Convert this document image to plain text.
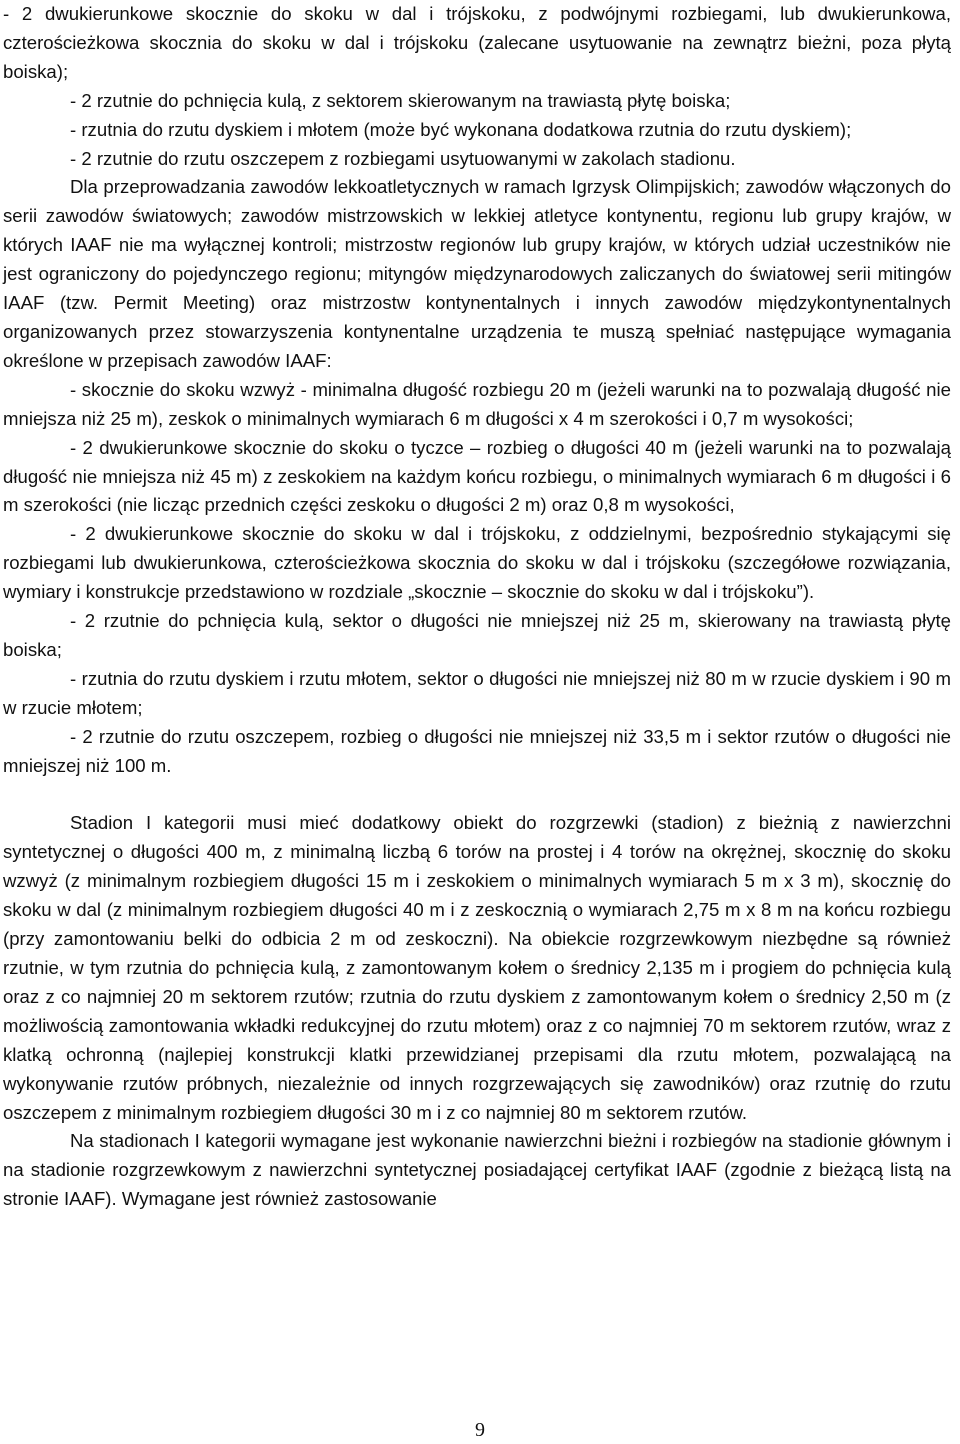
- 2 dwukierunkowe skocznie do skoku w dal i trójskoku, z podwójnymi rozbiegami, lub dwukierunkowa, czterościeżkowa skocznia do skoku w dal i trójskoku (zalecane usytuowanie na zewnątrz bieżni, poza płytą boiska);

- 2 rzutnie do pchnięcia kulą, z sektorem skierowanym na trawiastą płytę boiska;

- rzutnia do rzutu dyskiem i młotem (może być wykonana dodatkowa rzutnia do rzutu dyskiem);

- 2 rzutnie do rzutu oszczepem z rozbiegami usytuowanymi w zakolach stadionu.

Dla przeprowadzania zawodów lekkoatletycznych w ramach Igrzysk Olimpijskich; zawodów włączonych do serii zawodów światowych; zawodów mistrzowskich w lekkiej atletyce kontynentu, regionu lub grupy krajów, w których IAAF nie ma wyłącznej kontroli; mistrzostw regionów lub grupy krajów, w których udział uczestników nie jest ograniczony do pojedynczego regionu; mityngów międzynarodowych zaliczanych do światowej serii mitingów IAAF (tzw. Permit Meeting) oraz mistrzostw kontynentalnych i innych zawodów międzykontynentalnych organizowanych przez stowarzyszenia kontynentalne urządzenia te muszą spełniać następujące wymagania określone w przepisach zawodów IAAF:

- skocznie do skoku wzwyż - minimalna długość rozbiegu 20 m (jeżeli warunki na to pozwalają długość nie mniejsza niż 25 m), zeskok o minimalnych wymiarach 6 m długości x 4 m szerokości i 0,7 m wysokości;

- 2 dwukierunkowe skocznie do skoku o tyczce – rozbieg o długości 40 m (jeżeli warunki na to pozwalają długość nie mniejsza niż 45 m) z zeskokiem na każdym końcu rozbiegu, o minimalnych wymiarach 6 m długości i 6 m szerokości (nie licząc przednich części zeskoku o długości 2 m) oraz 0,8 m wysokości,

- 2 dwukierunkowe skocznie do skoku w dal i trójskoku, z oddzielnymi, bezpośrednio stykającymi się rozbiegami lub dwukierunkowa, czterościeżkowa skocznia do skoku w dal i trójskoku (szczegółowe rozwiązania, wymiary i konstrukcje przedstawiono w rozdziale „skocznie – skocznie do skoku w dal i trójskoku”).

- 2 rzutnie do pchnięcia kulą, sektor o długości nie mniejszej niż 25 m, skierowany na trawiastą płytę boiska;

- rzutnia do rzutu dyskiem i rzutu młotem, sektor o długości nie mniejszej niż 80 m w rzucie dyskiem i 90 m w rzucie młotem;

- 2 rzutnie do rzutu oszczepem, rozbieg o długości nie mniejszej niż 33,5 m i sektor rzutów o długości nie mniejszej niż 100 m.

Stadion I kategorii musi mieć dodatkowy obiekt do rozgrzewki (stadion) z bieżnią z nawierzchni syntetycznej o długości 400 m, z minimalną liczbą 6 torów na prostej i 4 torów na okrężnej, skocznię do skoku wzwyż (z minimalnym rozbiegiem długości 15 m i zeskokiem o minimalnych wymiarach 5 m x 3 m), skocznię do skoku w dal (z minimalnym rozbiegiem długości 40 m i z zeskocznią o wymiarach 2,75 m x 8 m na końcu rozbiegu (przy zamontowaniu belki do odbicia 2 m od zeskoczni). Na obiekcie rozgrzewkowym niezbędne są również rzutnie, w tym rzutnia do pchnięcia kulą, z zamontowanym kołem o średnicy 2,135 m i progiem do pchnięcia kulą oraz z co najmniej 20 m sektorem rzutów; rzutnia do rzutu dyskiem z zamontowanym kołem o średnicy 2,50 m (z możliwością zamontowania wkładki redukcyjnej do rzutu młotem) oraz z co najmniej 70 m sektorem rzutów, wraz z klatką ochronną (najlepiej konstrukcji klatki przewidzianej przepisami dla rzutu młotem, pozwalającą na wykonywanie rzutów próbnych, niezależnie od innych rozgrzewających się zawodników) oraz rzutnię do rzutu oszczepem z minimalnym rozbiegiem długości 30 m i z co najmniej 80 m sektorem rzutów.

Na stadionach I kategorii wymagane jest wykonanie nawierzchni bieżni i rozbiegów na stadionie głównym i na stadionie rozgrzewkowym z nawierzchni syntetycznej posiadającej certyfikat IAAF (zgodnie z bieżącą listą na stronie IAAF). Wymagane jest również zastosowanie

9
